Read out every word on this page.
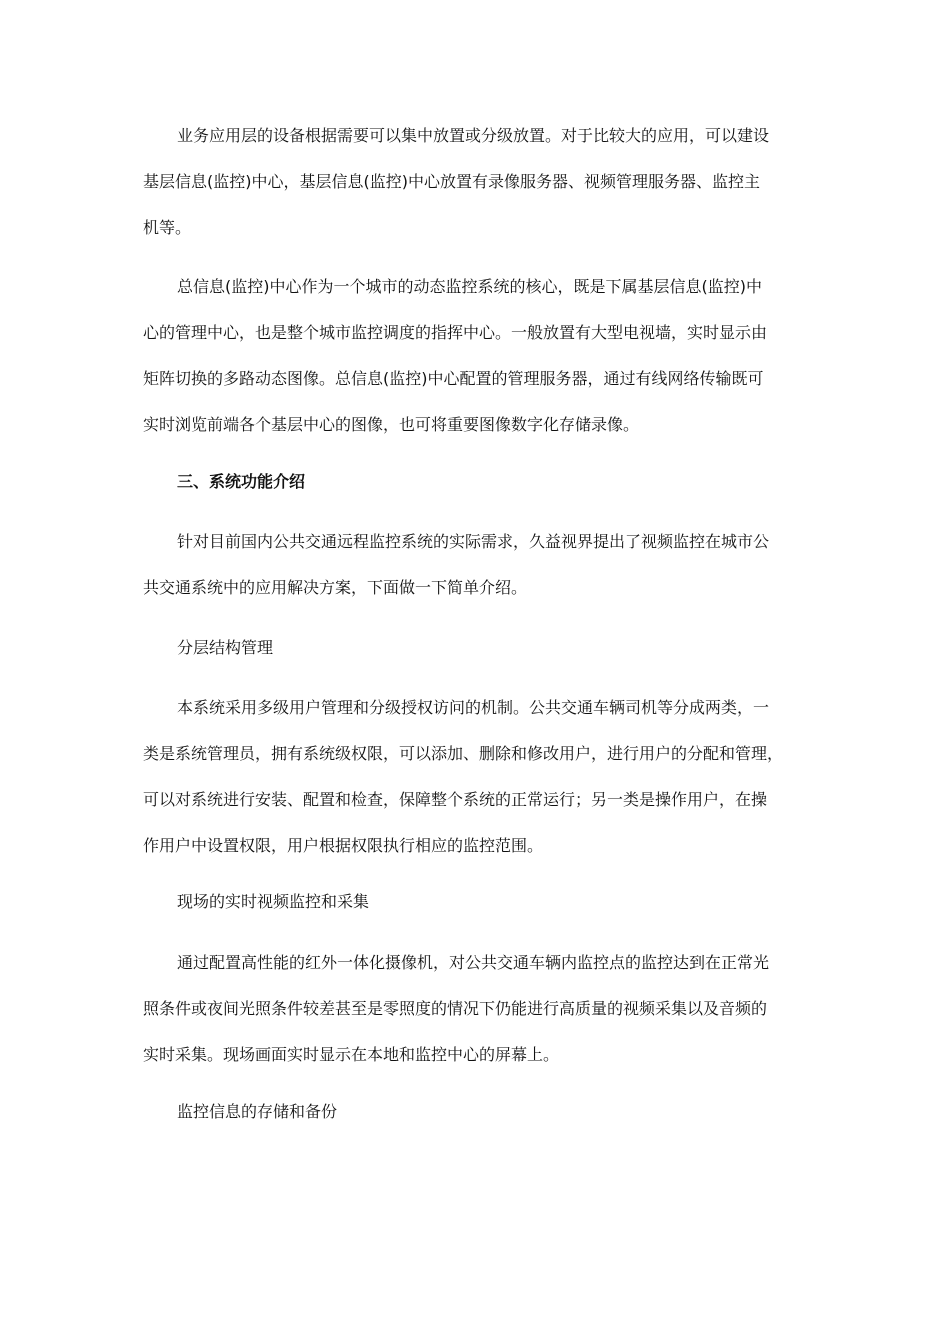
业务应用层的设备根据需要可以集中放置或分级放置。对于比较大的应用，可以建设
基层信息(监控)中心，基层信息(监控)中心放置有录像服务器、视频管理服务器、监控主
机等。
总信息(监控)中心作为一个城市的动态监控系统的核心，既是下属基层信息(监控)中
心的管理中心，也是整个城市监控调度的指挥中心。一般放置有大型电视墙，实时显示由
矩阵切换的多路动态图像。总信息(监控)中心配置的管理服务器，通过有线网络传输既可
实时浏览前端各个基层中心的图像，也可将重要图像数字化存储录像。
三、系统功能介绍
针对目前国内公共交通远程监控系统的实际需求，久益视界提出了视频监控在城市公
共交通系统中的应用解决方案，下面做一下简单介绍。
分层结构管理
本系统采用多级用户管理和分级授权访问的机制。公共交通车辆司机等分成两类，一
类是系统管理员，拥有系统级权限，可以添加、删除和修改用户，进行用户的分配和管理，
可以对系统进行安装、配置和检查，保障整个系统的正常运行；另一类是操作用户，在操
作用户中设置权限，用户根据权限执行相应的监控范围。
现场的实时视频监控和采集
通过配置高性能的红外一体化摄像机，对公共交通车辆内监控点的监控达到在正常光
照条件或夜间光照条件较差甚至是零照度的情况下仍能进行高质量的视频采集以及音频的
实时采集。现场画面实时显示在本地和监控中心的屏幕上。
监控信息的存储和备份
